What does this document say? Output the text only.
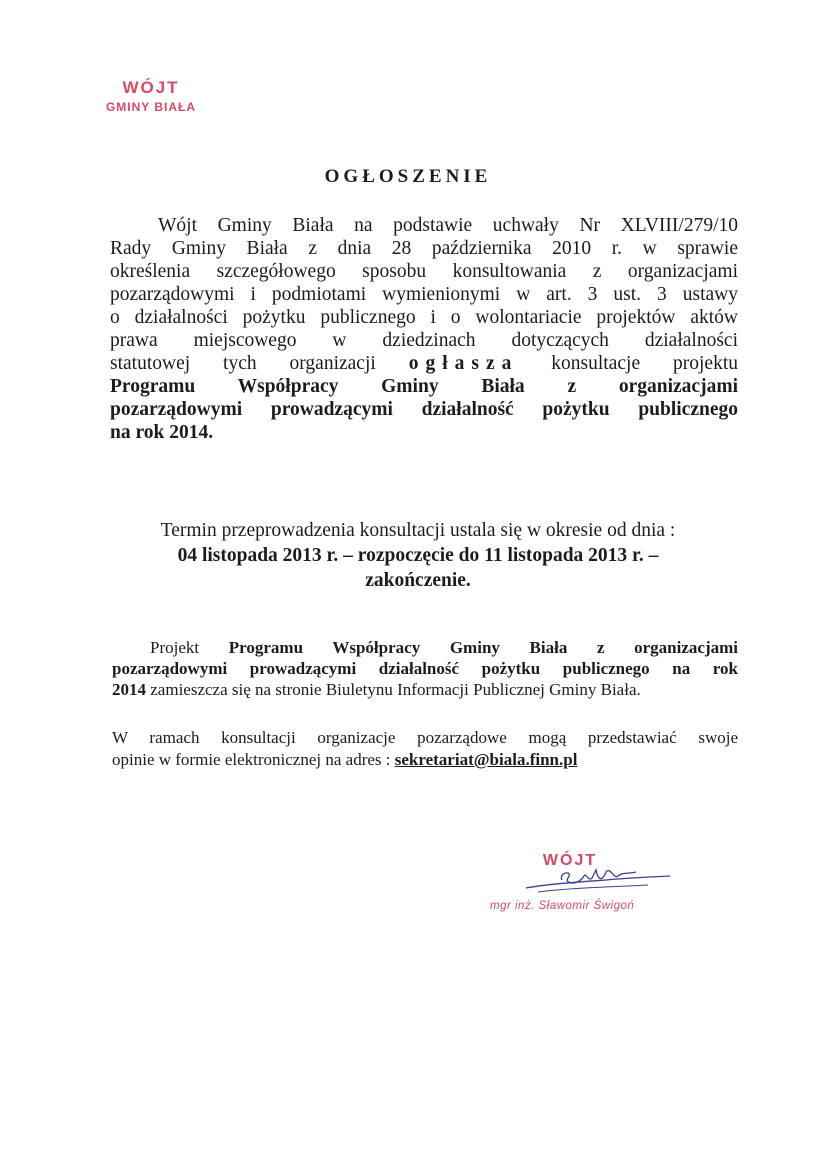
WÓJT
GMINY BIAŁA
OGŁOSZENIE
Wójt Gminy Biała na podstawie uchwały Nr XLVIII/279/10
Rady Gminy Biała z dnia 28 października 2010 r. w sprawie
określenia szczegółowego sposobu konsultowania z organizacjami
pozarządowymi i podmiotami wymienionymi w art. 3 ust. 3 ustawy
o działalności pożytku publicznego i o wolontariacie projektów aktów
prawa miejscowego w dziedzinach dotyczących działalności
statutowej tych organizacji ogłasza konsultacje projektu
Programu Współpracy Gminy Biała z organizacjami
pozarządowymi prowadzącymi działalność pożytku publicznego
na rok 2014.
Termin przeprowadzenia konsultacji ustala się w okresie od dnia :
04 listopada 2013 r. – rozpoczęcie do 11 listopada 2013 r. –
zakończenie.
Projekt Programu Współpracy Gminy Biała z organizacjami
pozarządowymi prowadzącymi działalność pożytku publicznego na rok
2014 zamieszcza się na stronie Biuletynu Informacji Publicznej Gminy Biała.
W ramach konsultacji organizacje pozarządowe mogą przedstawiać swoje
opinie w formie elektronicznej na adres : sekretariat@biala.finn.pl
WÓJT
mgr inż. Sławomir Świgoń
